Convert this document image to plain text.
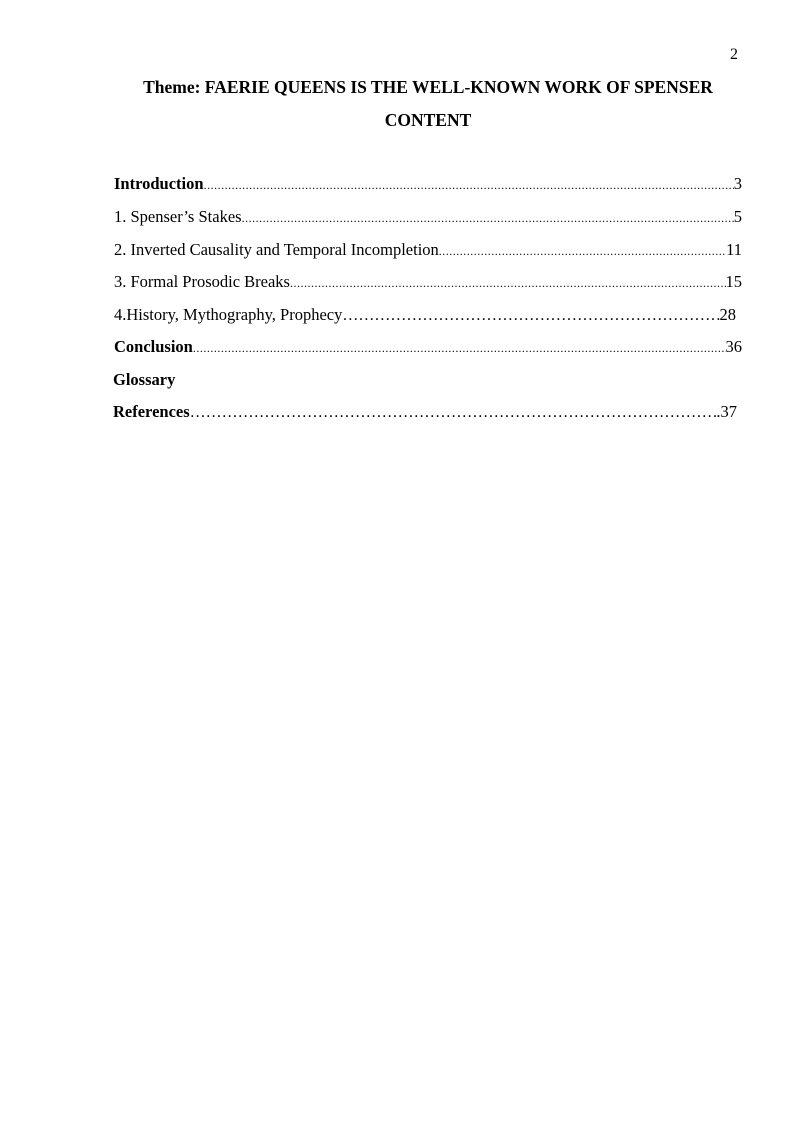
2
Theme: FAERIE QUEENS IS THE WELL-KNOWN WORK OF SPENSER
CONTENT
Introduction .....	3
1. Spenser’s Stakes .....	5
2. Inverted Causality and Temporal Incompletion .....	11
3. Formal Prosodic Breaks .....	15
4.History, Mythography, Prophecy ………………………………………………………………………………………………………………………………………………	28
Conclusion .....	36
Glossary
References ………………………………………………………………………………………………………………………………………………	.37
